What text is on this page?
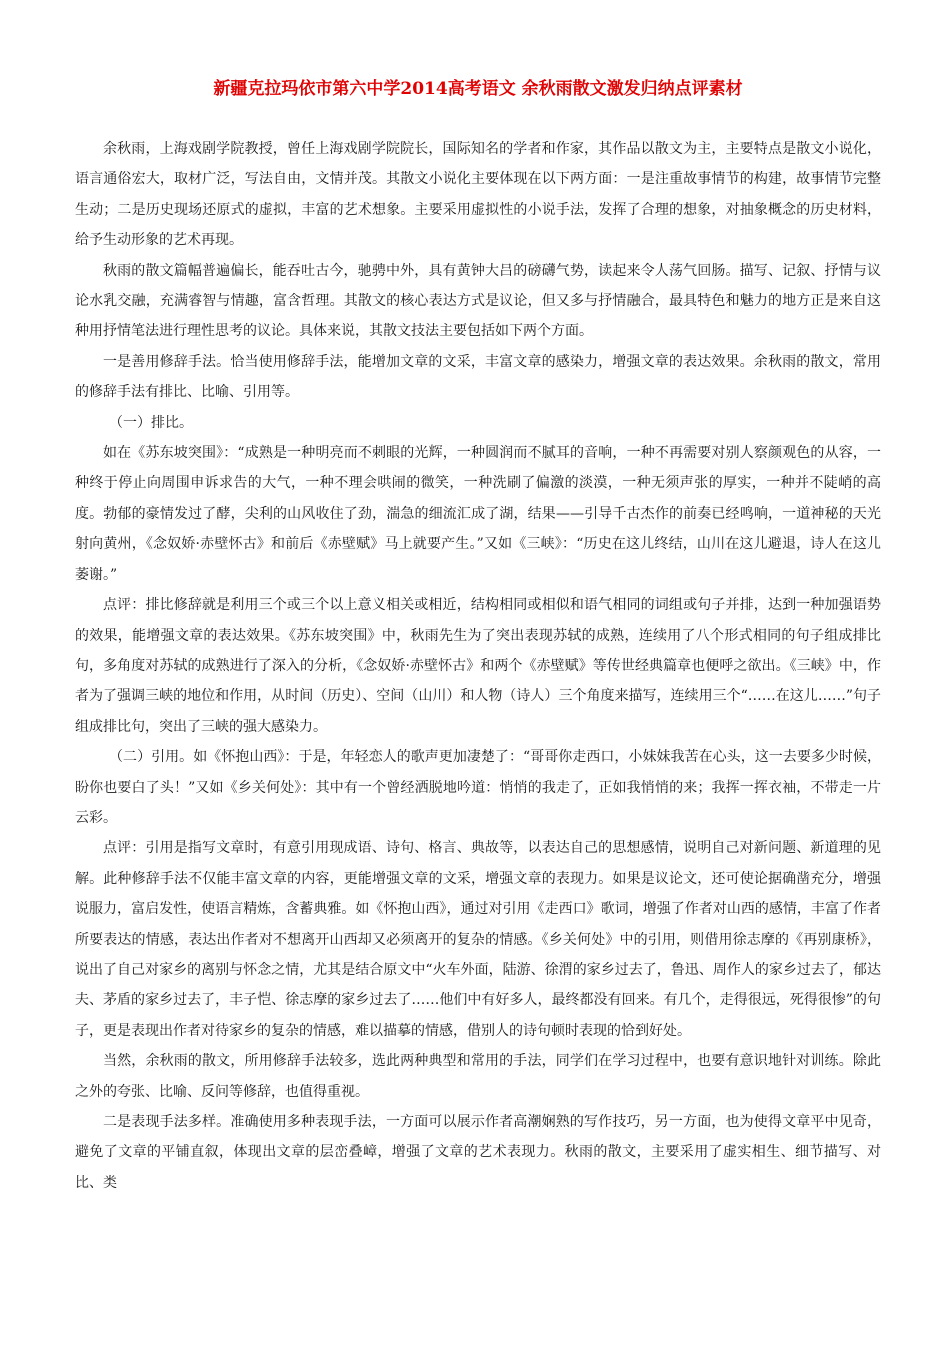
新疆克拉玛依市第六中学2014高考语文 余秋雨散文激发归纳点评素材

余秋雨，上海戏剧学院教授，曾任上海戏剧学院院长，国际知名的学者和作家，其作品以散文为主，主要特点是散文小说化，语言通俗宏大，取材广泛，写法自由，文情并茂。其散文小说化主要体现在以下两方面：一是注重故事情节的构建，故事情节完整生动；二是历史现场还原式的虚拟，丰富的艺术想象。主要采用虚拟性的小说手法，发挥了合理的想象，对抽象概念的历史材料，给予生动形象的艺术再现。

秋雨的散文篇幅普遍偏长，能吞吐古今，驰骋中外，具有黄钟大吕的磅礴气势，读起来令人荡气回肠。描写、记叙、抒情与议论水乳交融，充满睿智与情趣，富含哲理。其散文的核心表达方式是议论，但又多与抒情融合，最具特色和魅力的地方正是来自这种用抒情笔法进行理性思考的议论。具体来说，其散文技法主要包括如下两个方面。

一是善用修辞手法。恰当使用修辞手法，能增加文章的文采，丰富文章的感染力，增强文章的表达效果。余秋雨的散文，常用的修辞手法有排比、比喻、引用等。

（一）排比。

如在《苏东坡突围》：“成熟是一种明亮而不刺眼的光辉，一种圆润而不腻耳的音响，一种不再需要对别人察颜观色的从容，一种终于停止向周围申诉求告的大气，一种不理会哄闹的微笑，一种洗刷了偏激的淡漠，一种无须声张的厚实，一种并不陡峭的高度。勃郁的豪情发过了酵，尖利的山风收住了劲，湍急的细流汇成了湖，结果——引导千古杰作的前奏已经鸣响，一道神秘的天光射向黄州，《念奴娇·赤壁怀古》和前后《赤壁赋》马上就要产生。”又如《三峡》：“历史在这儿终结，山川在这儿避退，诗人在这儿萎谢。”

点评：排比修辞就是利用三个或三个以上意义相关或相近，结构相同或相似和语气相同的词组或句子并排，达到一种加强语势的效果，能增强文章的表达效果。《苏东坡突围》中，秋雨先生为了突出表现苏轼的成熟，连续用了八个形式相同的句子组成排比句，多角度对苏轼的成熟进行了深入的分析，《念奴娇·赤壁怀古》和两个《赤壁赋》等传世经典篇章也便呼之欲出。《三峡》中，作者为了强调三峡的地位和作用，从时间（历史）、空间（山川）和人物（诗人）三个角度来描写，连续用三个“……在这儿……”句子组成排比句，突出了三峡的强大感染力。

（二）引用。如《怀抱山西》：于是，年轻恋人的歌声更加凄楚了：“哥哥你走西口，小妹妹我苦在心头，这一去要多少时候，盼你也要白了头！”又如《乡关何处》：其中有一个曾经洒脱地吟道：悄悄的我走了，正如我悄悄的来；我挥一挥衣袖，不带走一片云彩。

点评：引用是指写文章时，有意引用现成语、诗句、格言、典故等，以表达自己的思想感情，说明自己对新问题、新道理的见解。此种修辞手法不仅能丰富文章的内容，更能增强文章的文采，增强文章的表现力。如果是议论文，还可使论据确凿充分，增强说服力，富启发性，使语言精炼，含蓄典雅。如《怀抱山西》，通过对引用《走西口》歌词，增强了作者对山西的感情，丰富了作者所要表达的情感，表达出作者对不想离开山西却又必须离开的复杂的情感。《乡关何处》中的引用，则借用徐志摩的《再别康桥》，说出了自己对家乡的离别与怀念之情，尤其是结合原文中“火车外面，陆游、徐渭的家乡过去了，鲁迅、周作人的家乡过去了，郁达夫、茅盾的家乡过去了，丰子恺、徐志摩的家乡过去了……他们中有好多人，最终都没有回来。有几个，走得很远，死得很惨”的句子，更是表现出作者对待家乡的复杂的情感，难以描摹的情感，借别人的诗句顿时表现的恰到好处。

当然，余秋雨的散文，所用修辞手法较多，选此两种典型和常用的手法，同学们在学习过程中，也要有意识地针对训练。除此之外的夸张、比喻、反问等修辞，也值得重视。

二是表现手法多样。准确使用多种表现手法，一方面可以展示作者高潮娴熟的写作技巧，另一方面，也为使得文章平中见奇，避免了文章的平铺直叙，体现出文章的层峦叠嶂，增强了文章的艺术表现力。秋雨的散文，主要采用了虚实相生、细节描写、对比、类
